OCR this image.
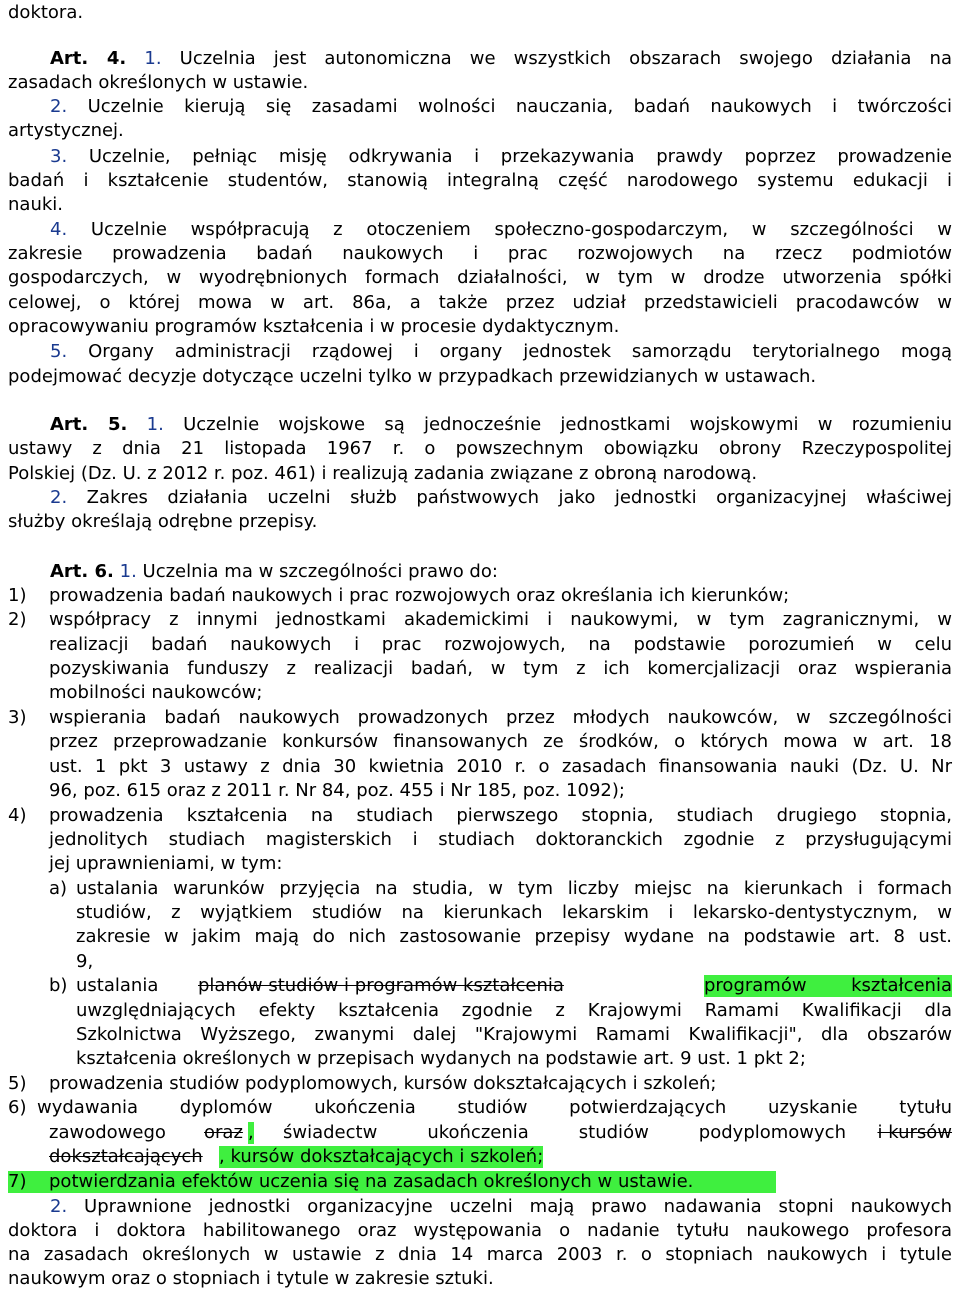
doktora.
Art. 4. 1. Uczelnia jest autonomiczna we wszystkich obszarach swojego działania na
zasadach określonych w ustawie.
2. Uczelnie kierują się zasadami wolności nauczania, badań naukowych i twórczości
artystycznej.
3. Uczelnie, pełniąc misję odkrywania i przekazywania prawdy poprzez prowadzenie
badań i kształcenie studentów, stanowią integralną część narodowego systemu edukacji i
nauki.
4. Uczelnie współpracują z otoczeniem społeczno-gospodarczym, w szczególności w
zakresie prowadzenia badań naukowych i prac rozwojowych na rzecz podmiotów
gospodarczych, w wyodrębnionych formach działalności, w tym w drodze utworzenia spółki
celowej, o której mowa w art. 86a, a także przez udział przedstawicieli pracodawców w
opracowywaniu programów kształcenia i w procesie dydaktycznym.
5. Organy administracji rządowej i organy jednostek samorządu terytorialnego mogą
podejmować decyzje dotyczące uczelni tylko w przypadkach przewidzianych w ustawach.
Art. 5. 1. Uczelnie wojskowe są jednocześnie jednostkami wojskowymi w rozumieniu
ustawy z dnia 21 listopada 1967 r. o powszechnym obowiązku obrony Rzeczypospolitej
Polskiej (Dz. U. z 2012 r. poz. 461) i realizują zadania związane z obroną narodową.
2. Zakres działania uczelni służb państwowych jako jednostki organizacyjnej właściwej
służby określają odrębne przepisy.
Art. 6. 1. Uczelnia ma w szczególności prawo do:
1) prowadzenia badań naukowych i prac rozwojowych oraz określania ich kierunków;
2) współpracy z innymi jednostkami akademickimi i naukowymi, w tym zagranicznymi, w
realizacji badań naukowych i prac rozwojowych, na podstawie porozumień w celu
pozyskiwania funduszy z realizacji badań, w tym z ich komercjalizacji oraz wspierania
mobilności naukowców;
3) wspierania badań naukowych prowadzonych przez młodych naukowców, w szczególności
przez przeprowadzanie konkursów finansowanych ze środków, o których mowa w art. 18
ust. 1 pkt 3 ustawy z dnia 30 kwietnia 2010 r. o zasadach finansowania nauki (Dz. U. Nr
96, poz. 615 oraz z 2011 r. Nr 84, poz. 455 i Nr 185, poz. 1092);
4) prowadzenia kształcenia na studiach pierwszego stopnia, studiach drugiego stopnia,
jednolitych studiach magisterskich i studiach doktoranckich zgodnie z przysługującymi
jej uprawnieniami, w tym:
a) ustalania warunków przyjęcia na studia, w tym liczby miejsc na kierunkach i formach
studiów, z wyjątkiem studiów na kierunkach lekarskim i lekarsko-dentystycznym, w
zakresie w jakim mają do nich zastosowanie przepisy wydane na podstawie art. 8 ust.
9,
b) ustalania planów studiów i programów kształcenia	programów kształcenia
uwzględniających efekty kształcenia zgodnie z Krajowymi Ramami Kwalifikacji dla
Szkolnictwa Wyższego, zwanymi dalej "Krajowymi Ramami Kwalifikacji", dla obszarów
kształcenia określonych w przepisach wydanych na podstawie art. 9 ust. 1 pkt 2;
5) prowadzenia studiów podyplomowych, kursów dokształcających i szkoleń;
6) wydawania dyplomów ukończenia studiów potwierdzających uzyskanie tytułu
zawodowego oraz , świadectw ukończenia studiów podyplomowych	i kursów
dokształcających , kursów dokształcających i szkoleń;
7) potwierdzania efektów uczenia się na zasadach określonych w ustawie.
2. Uprawnione jednostki organizacyjne uczelni mają prawo nadawania stopni naukowych
doktora i doktora habilitowanego oraz występowania o nadanie tytułu naukowego profesora
na zasadach określonych w ustawie z dnia 14 marca 2003 r. o stopniach naukowych i tytule
naukowym oraz o stopniach i tytule w zakresie sztuki.
